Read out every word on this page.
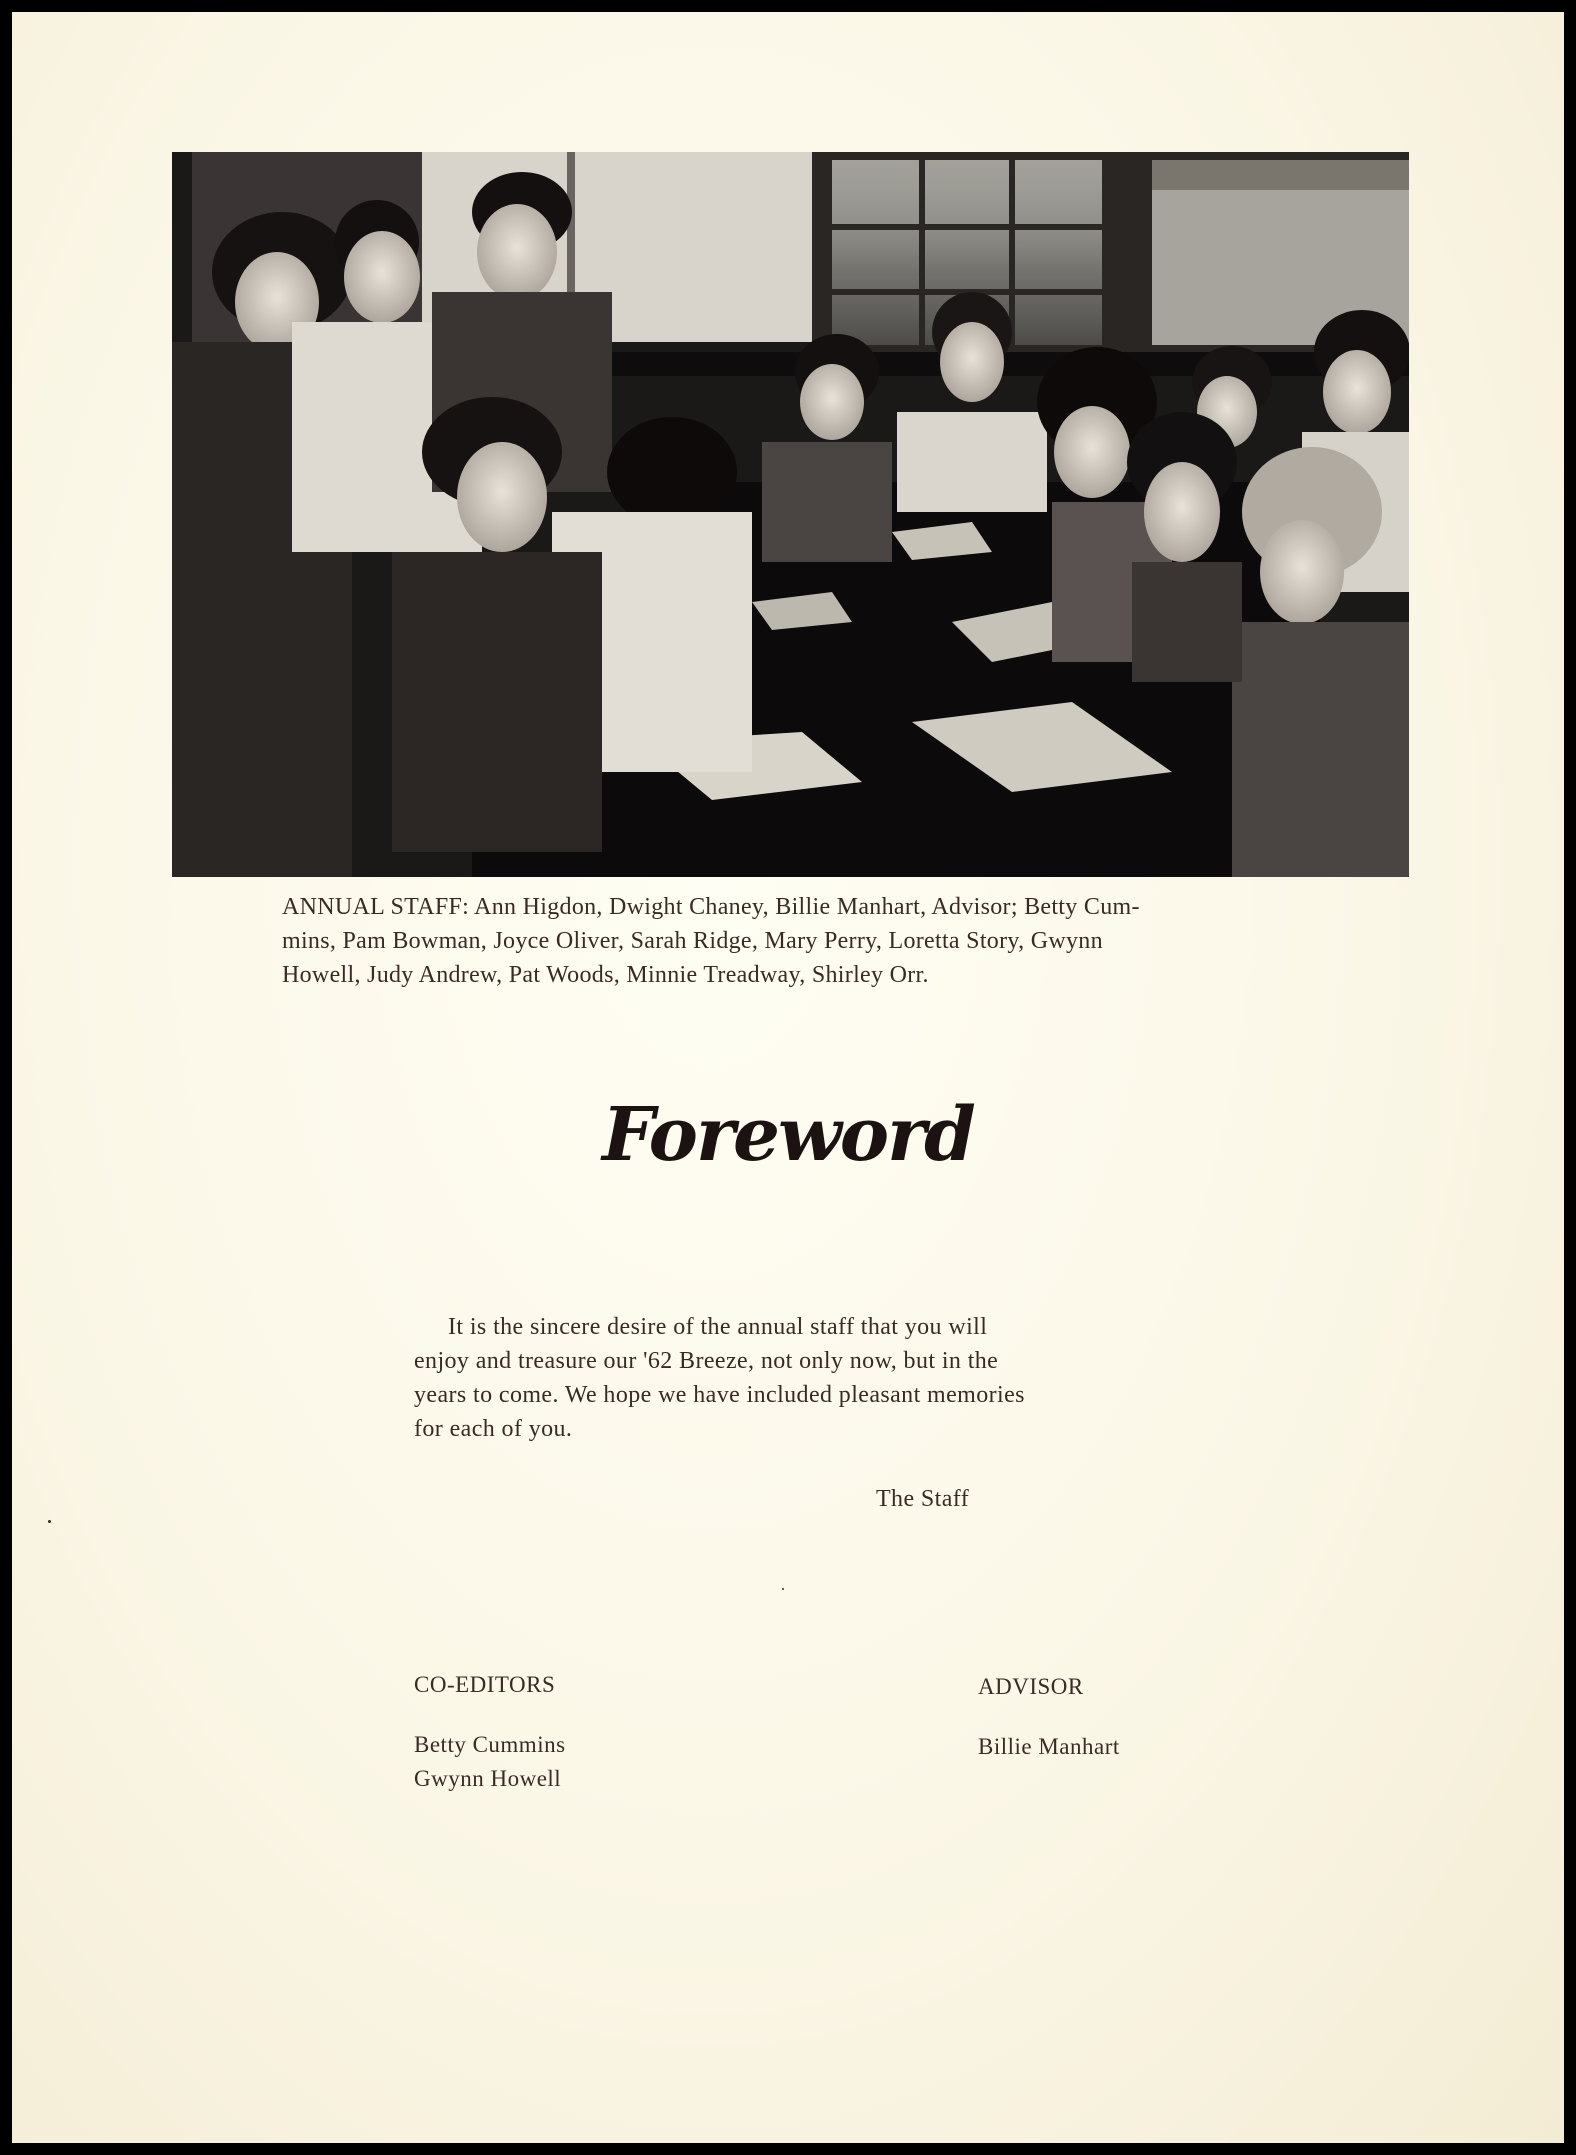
ANNUAL STAFF: Ann Higdon, Dwight Chaney, Billie Manhart, Advisor; Betty Cum-
mins, Pam Bowman, Joyce Oliver, Sarah Ridge, Mary Perry, Loretta Story, Gwynn
Howell, Judy Andrew, Pat Woods, Minnie Treadway, Shirley Orr.
Foreword
It is the sincere desire of the annual staff that you will
enjoy and treasure our '62 Breeze, not only now, but in the
years to come. We hope we have included pleasant memories
for each of you.
The Staff
CO-EDITORS
Betty Cummins
Gwynn Howell
ADVISOR
Billie Manhart
